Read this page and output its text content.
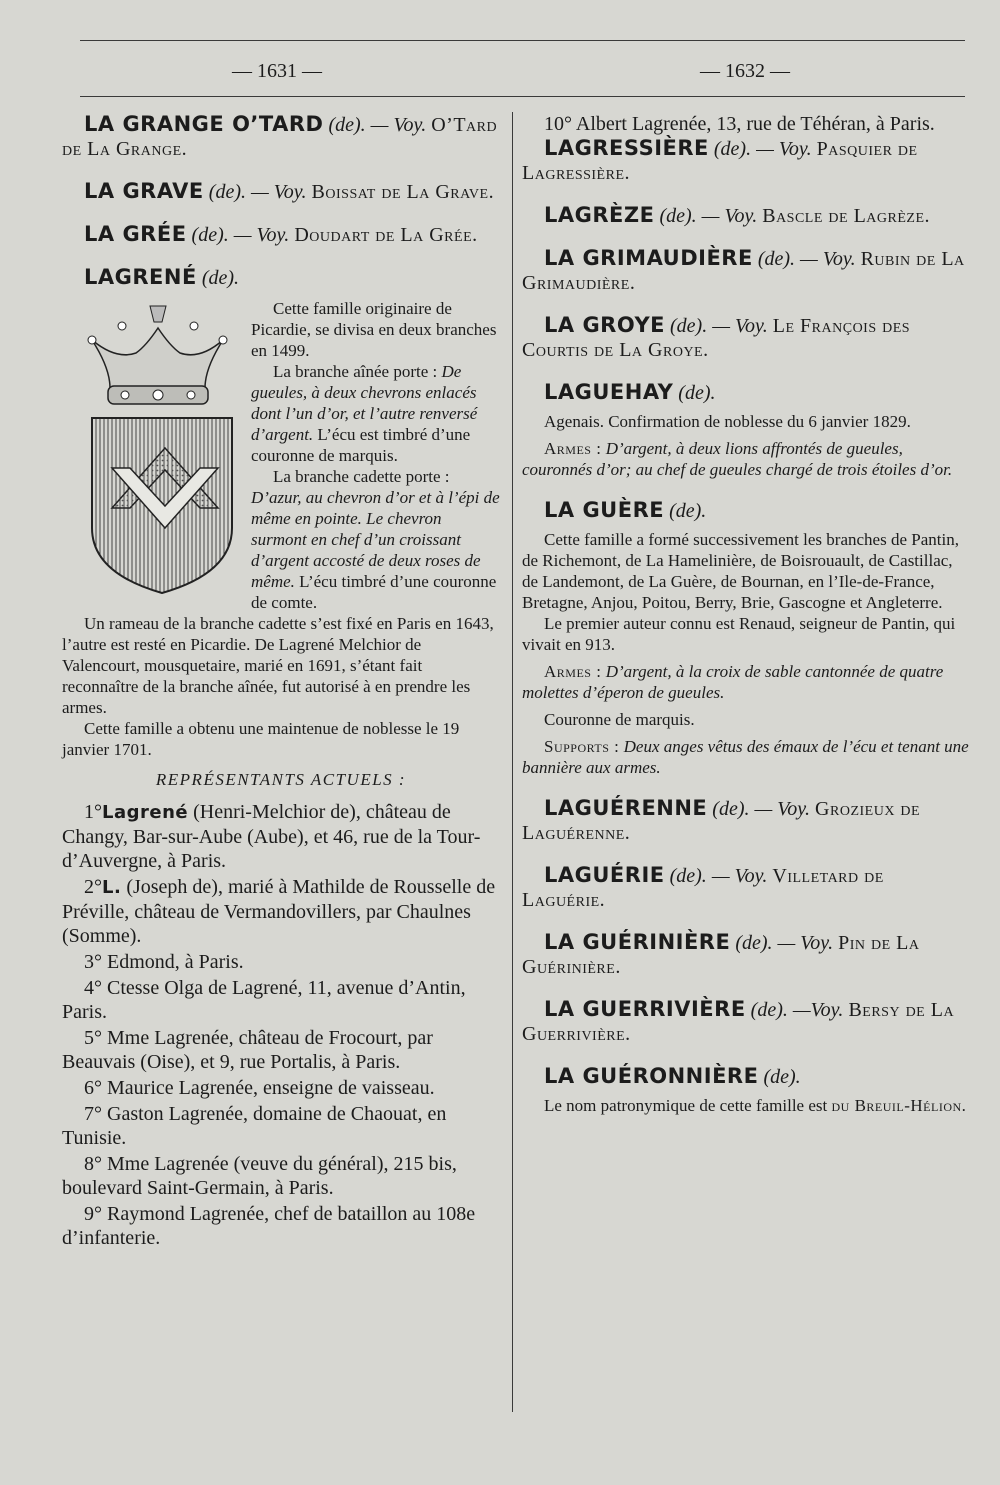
— 1631 —	— 1632 —

LA GRANGE O’TARD (de). — Voy. O’Tard de La Grange.

LA GRAVE (de). — Voy. Boissat de La Grave.

LA GRÉE (de). — Voy. Doudart de La Grée.

LAGRENÉ (de).

Cette famille originaire de Picardie, se divisa en deux branches en 1499.

La branche aînée porte : De gueules, à deux chevrons enlacés dont l’un d’or, et l’autre renversé d’argent. L’écu est timbré d’une couronne de marquis.

La branche cadette porte : D’azur, au chevron d’or et à l’épi de même en pointe. Le chevron surmont en chef d’un croissant d’argent accosté de deux roses de même. L’écu timbré d’une couronne de comte.

Un rameau de la branche cadette s’est fixé en Paris en 1643, l’autre est resté en Picardie. De Lagrené Melchior de Valencourt, mousquetaire, marié en 1691, s’étant fait reconnaître de la branche aînée, fut autorisé à en prendre les armes.

Cette famille a obtenu une maintenue de noblesse le 19 janvier 1701.

REPRÉSENTANTS ACTUELS :

1°Lagrené (Henri-Melchior de), château de Changy, Bar-sur-Aube (Aube), et 46, rue de la Tour-d’Auvergne, à Paris.

2°L. (Joseph de), marié à Mathilde de Rousselle de Préville, château de Vermandovillers, par Chaulnes (Somme).

3° Edmond, à Paris.

4° Ctesse Olga de Lagrené, 11, avenue d’Antin, Paris.

5° Mme Lagrenée, château de Frocourt, par Beauvais (Oise), et 9, rue Portalis, à Paris.

6° Maurice Lagrenée, enseigne de vaisseau.

7° Gaston Lagrenée, domaine de Chaouat, en Tunisie.

8° Mme Lagrenée (veuve du général), 215 bis, boulevard Saint-Germain, à Paris.

9° Raymond Lagrenée, chef de bataillon au 108e d’infanterie.

10° Albert Lagrenée, 13, rue de Téhéran, à Paris.

LAGRESSIÈRE (de). — Voy. Pasquier de Lagressière.

LAGRÈZE (de). — Voy. Bascle de Lagrèze.

LA GRIMAUDIÈRE (de). — Voy. Rubin de La Grimaudière.

LA GROYE (de). — Voy. Le François des Courtis de La Groye.

LAGUEHAY (de).

Agenais. Confirmation de noblesse du 6 janvier 1829.

Armes : D’argent, à deux lions affrontés de gueules, couronnés d’or; au chef de gueules chargé de trois étoiles d’or.

LA GUÈRE (de).

Cette famille a formé successivement les branches de Pantin, de Richemont, de La Hamelinière, de Boisrouault, de Castillac, de Landemont, de La Guère, de Bournan, en l’Ile-de-France, Bretagne, Anjou, Poitou, Berry, Brie, Gascogne et Angleterre.

Le premier auteur connu est Renaud, seigneur de Pantin, qui vivait en 913.

Armes : D’argent, à la croix de sable cantonnée de quatre molettes d’éperon de gueules.

Couronne de marquis.

Supports : Deux anges vêtus des émaux de l’écu et tenant une bannière aux armes.

LAGUÉRENNE (de). — Voy. Grozieux de Laguérenne.

LAGUÉRIE (de). — Voy. Villetard de Laguérie.

LA GUÉRINIÈRE (de). — Voy. Pin de La Guérinière.

LA GUERRIVIÈRE (de). —Voy. Bersy de La Guerrivière.

LA GUÉRONNIÈRE (de).

Le nom patronymique de cette famille est du Breuil-Hélion.
